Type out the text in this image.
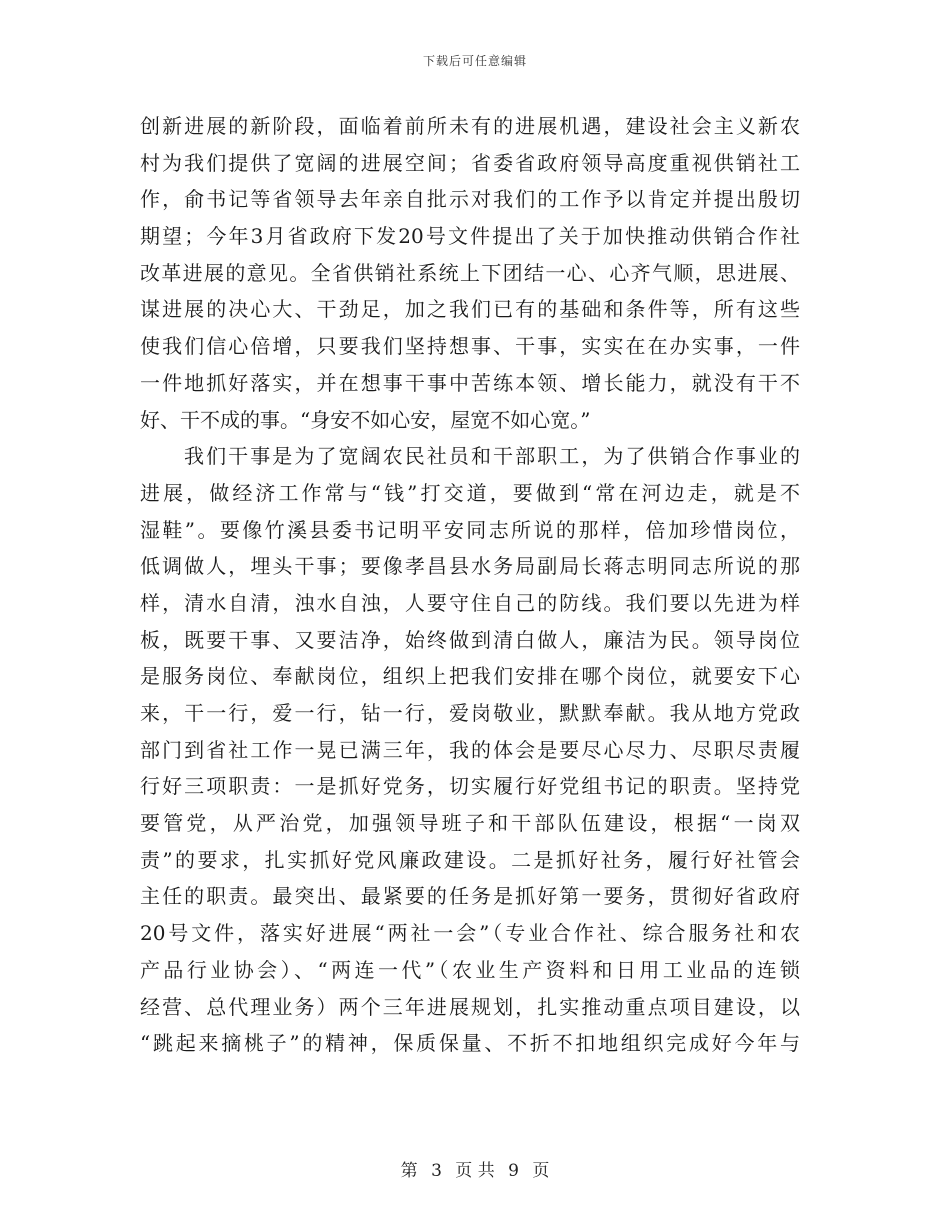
下载后可任意编辑
创新进展的新阶段，面临着前所未有的进展机遇，建设社会主义新农
村为我们提供了宽阔的进展空间；省委省政府领导高度重视供销社工
作，俞书记等省领导去年亲自批示对我们的工作予以肯定并提出殷切
期望；今年3月省政府下发20号文件提出了关于加快推动供销合作社
改革进展的意见。全省供销社系统上下团结一心、心齐气顺，思进展、
谋进展的决心大、干劲足，加之我们已有的基础和条件等，所有这些
使我们信心倍增，只要我们坚持想事、干事，实实在在办实事，一件
一件地抓好落实，并在想事干事中苦练本领、增长能力，就没有干不
好、干不成的事。“身安不如心安，屋宽不如心宽。”
我们干事是为了宽阔农民社员和干部职工，为了供销合作事业的
进展，做经济工作常与“钱”打交道，要做到“常在河边走，就是不
湿鞋”。要像竹溪县委书记明平安同志所说的那样，倍加珍惜岗位，
低调做人，埋头干事；要像孝昌县水务局副局长蒋志明同志所说的那
样，清水自清，浊水自浊，人要守住自己的防线。我们要以先进为样
板，既要干事、又要洁净，始终做到清白做人，廉洁为民。领导岗位
是服务岗位、奉献岗位，组织上把我们安排在哪个岗位，就要安下心
来，干一行，爱一行，钻一行，爱岗敬业，默默奉献。我从地方党政
部门到省社工作一晃已满三年，我的体会是要尽心尽力、尽职尽责履
行好三项职责：一是抓好党务，切实履行好党组书记的职责。坚持党
要管党，从严治党，加强领导班子和干部队伍建设，根据“一岗双
责”的要求，扎实抓好党风廉政建设。二是抓好社务，履行好社管会
主任的职责。最突出、最紧要的任务是抓好第一要务，贯彻好省政府
20号文件，落实好进展“两社一会”（专业合作社、综合服务社和农
产品行业协会）、“两连一代”（农业生产资料和日用工业品的连锁
经营、总代理业务）两个三年进展规划，扎实推动重点项目建设，以
“跳起来摘桃子”的精神，保质保量、不折不扣地组织完成好今年与
第 3 页 共 9 页
